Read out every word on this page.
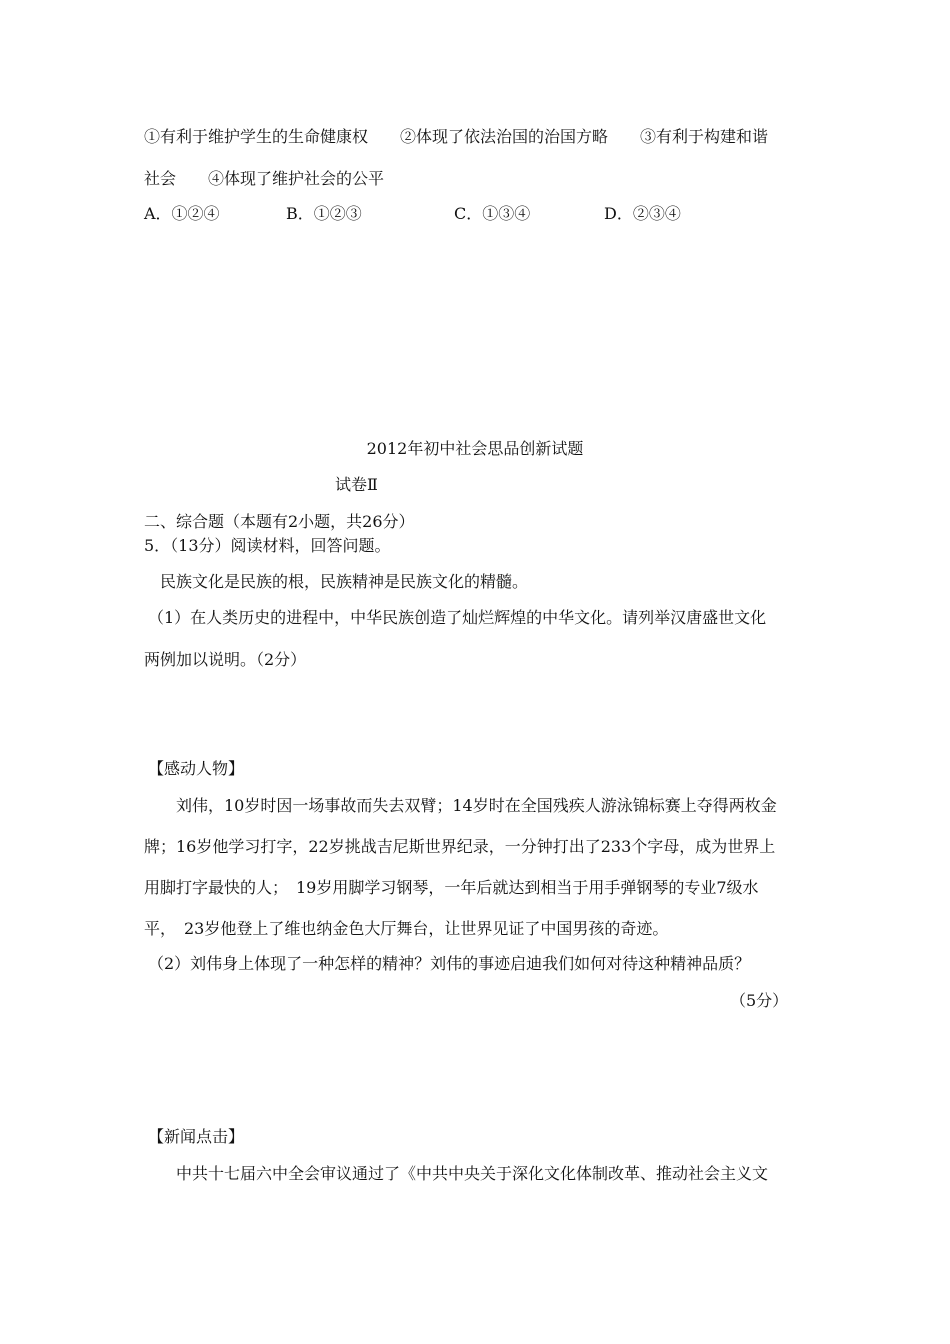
①有利于维护学生的生命健康权　　②体现了依法治国的治国方略　　③有利于构建和谐
社会　　④体现了维护社会的公平
A．①②④	B．①②③	C．①③④	D．②③④
2012年初中社会思品创新试题
试卷Ⅱ
二、综合题（本题有2小题，共26分）
5．（13分）阅读材料，回答问题。
民族文化是民族的根，民族精神是民族文化的精髓。
（1）在人类历史的进程中，中华民族创造了灿烂辉煌的中华文化。请列举汉唐盛世文化
两例加以说明。（2分）
【感动人物】
刘伟，10岁时因一场事故而失去双臂；14岁时在全国残疾人游泳锦标赛上夺得两枚金
牌；16岁他学习打字，22岁挑战吉尼斯世界纪录，一分钟打出了233个字母，成为世界上
用脚打字最快的人；　19岁用脚学习钢琴，一年后就达到相当于用手弹钢琴的专业7级水
平，　23岁他登上了维也纳金色大厅舞台，让世界见证了中国男孩的奇迹。
（2）刘伟身上体现了一种怎样的精神？刘伟的事迹启迪我们如何对待这种精神品质？
（5分）
【新闻点击】
中共十七届六中全会审议通过了《中共中央关于深化文化体制改革、推动社会主义文
